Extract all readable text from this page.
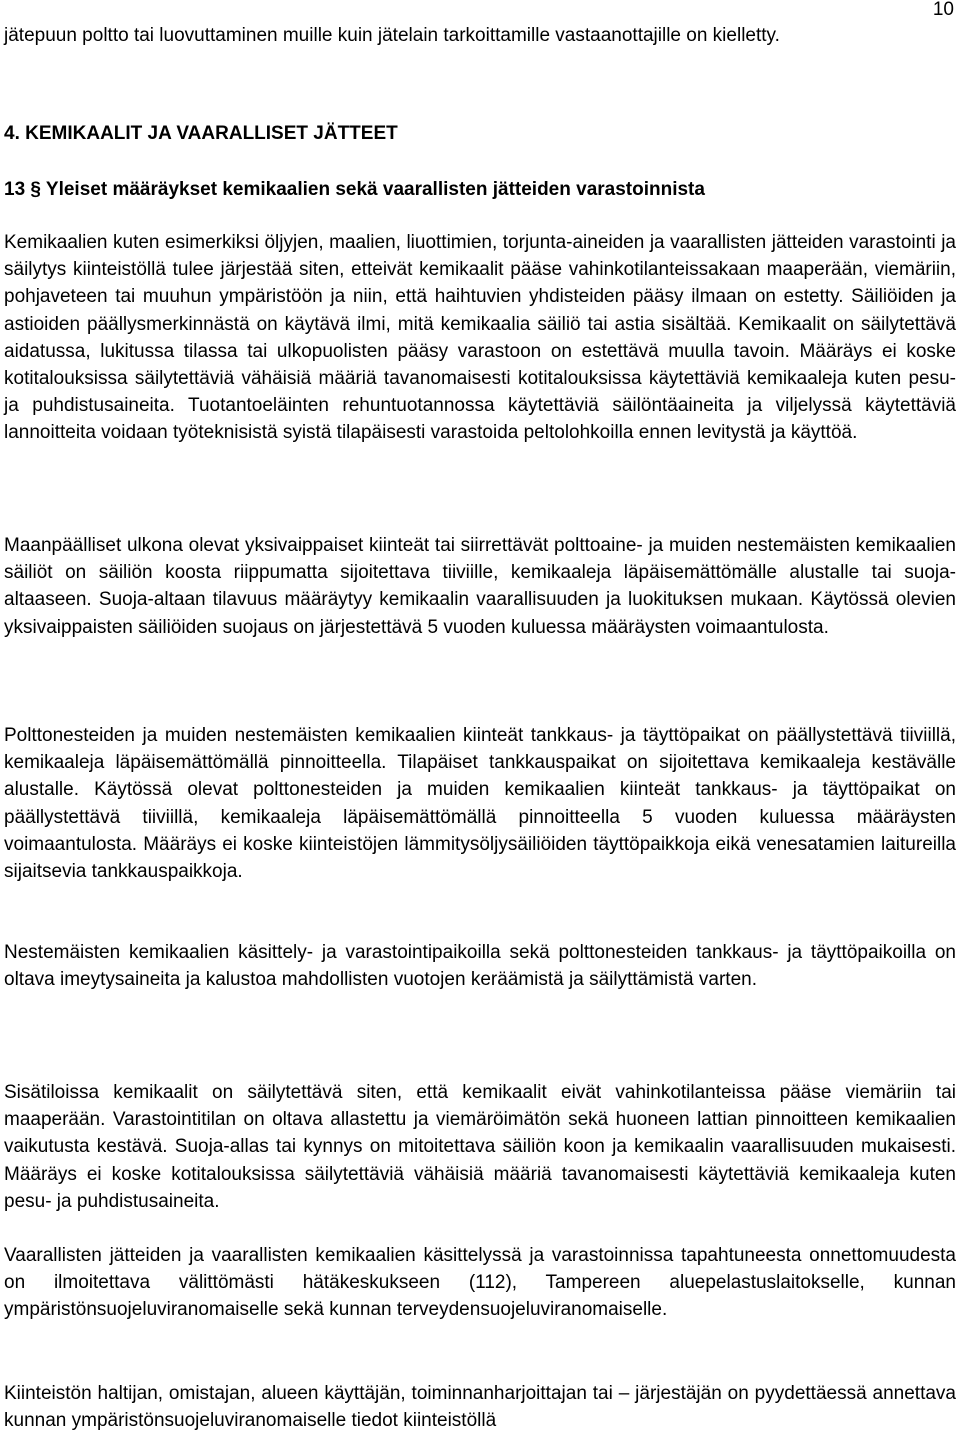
10

jätepuun poltto tai luovuttaminen muille kuin jätelain tarkoittamille vastaanottajille on kielletty.

4. KEMIKAALIT JA VAARALLISET JÄTTEET
13 § Yleiset määräykset kemikaalien sekä vaarallisten jätteiden varastoinnista

Kemikaalien kuten esimerkiksi öljyjen, maalien, liuottimien, torjunta-aineiden ja vaarallisten jätteiden varastointi ja säilytys kiinteistöllä tulee järjestää siten, etteivät kemikaalit pääse vahinkotilanteissakaan maaperään, viemäriin, pohjaveteen tai muuhun ympäristöön ja niin, että haihtuvien yhdisteiden pääsy ilmaan on estetty. Säiliöiden ja astioiden päällysmerkinnästä on käytävä ilmi, mitä kemikaalia säiliö tai astia sisältää. Kemikaalit on säilytettävä aidatussa, lukitussa tilassa tai ulkopuolisten pääsy varastoon on estettävä muulla tavoin. Määräys ei koske kotitalouksissa säilytettäviä vähäisiä määriä tavanomaisesti kotitalouksissa käytettäviä kemikaaleja kuten pesu- ja puhdistusaineita. Tuotantoeläinten rehuntuotannossa käytettäviä säilöntäaineita ja viljelyssä käytettäviä lannoitteita voidaan työteknisistä syistä tilapäisesti varastoida peltolohkoilla ennen levitystä ja käyttöä.

Maanpäälliset ulkona olevat yksivaippaiset kiinteät tai siirrettävät polttoaine- ja muiden nestemäisten kemikaalien säiliöt on säiliön koosta riippumatta sijoitettava tiiviille, kemikaaleja läpäisemättömälle alustalle tai suoja-altaaseen. Suoja-altaan tilavuus määräytyy kemikaalin vaarallisuuden ja luokituksen mukaan. Käytössä olevien yksivaippaisten säiliöiden suojaus on järjestettävä 5 vuoden kuluessa määräysten voimaantulosta.

Polttonesteiden ja muiden nestemäisten kemikaalien kiinteät tankkaus- ja täyttöpaikat on päällystettävä tiiviillä, kemikaaleja läpäisemättömällä pinnoitteella. Tilapäiset tankkauspaikat on sijoitettava kemikaaleja kestävälle alustalle. Käytössä olevat polttonesteiden ja muiden kemikaalien kiinteät tankkaus- ja täyttöpaikat on päällystettävä tiiviillä, kemikaaleja läpäisemättömällä pinnoitteella 5 vuoden kuluessa määräysten voimaantulosta. Määräys ei koske kiinteistöjen lämmitysöljysäiliöiden täyttöpaikkoja eikä venesatamien laitureilla sijaitsevia tankkauspaikkoja.

Nestemäisten kemikaalien käsittely- ja varastointipaikoilla sekä polttonesteiden tankkaus- ja täyttöpaikoilla on oltava imeytysaineita ja kalustoa mahdollisten vuotojen keräämistä ja säilyttämistä varten.

Sisätiloissa kemikaalit on säilytettävä siten, että kemikaalit eivät vahinkotilanteissa pääse viemäriin tai maaperään. Varastointitilan on oltava allastettu ja viemäröimätön sekä huoneen lattian pinnoitteen kemikaalien vaikutusta kestävä. Suoja-allas tai kynnys on mitoitettava säiliön koon ja kemikaalin vaarallisuuden mukaisesti. Määräys ei koske kotitalouksissa säilytettäviä vähäisiä määriä tavanomaisesti käytettäviä kemikaaleja kuten pesu- ja puhdistusaineita.

Vaarallisten jätteiden ja vaarallisten kemikaalien käsittelyssä ja varastoinnissa tapahtuneesta onnettomuudesta on ilmoitettava välittömästi hätäkeskukseen (112), Tampereen aluepelastuslaitokselle, kunnan ympäristönsuojeluviranomaiselle sekä kunnan terveydensuojeluviranomaiselle.

Kiinteistön haltijan, omistajan, alueen käyttäjän, toiminnanharjoittajan tai – järjestäjän on pyydettäessä annettava kunnan ympäristönsuojeluviranomaiselle tiedot kiinteistöllä
